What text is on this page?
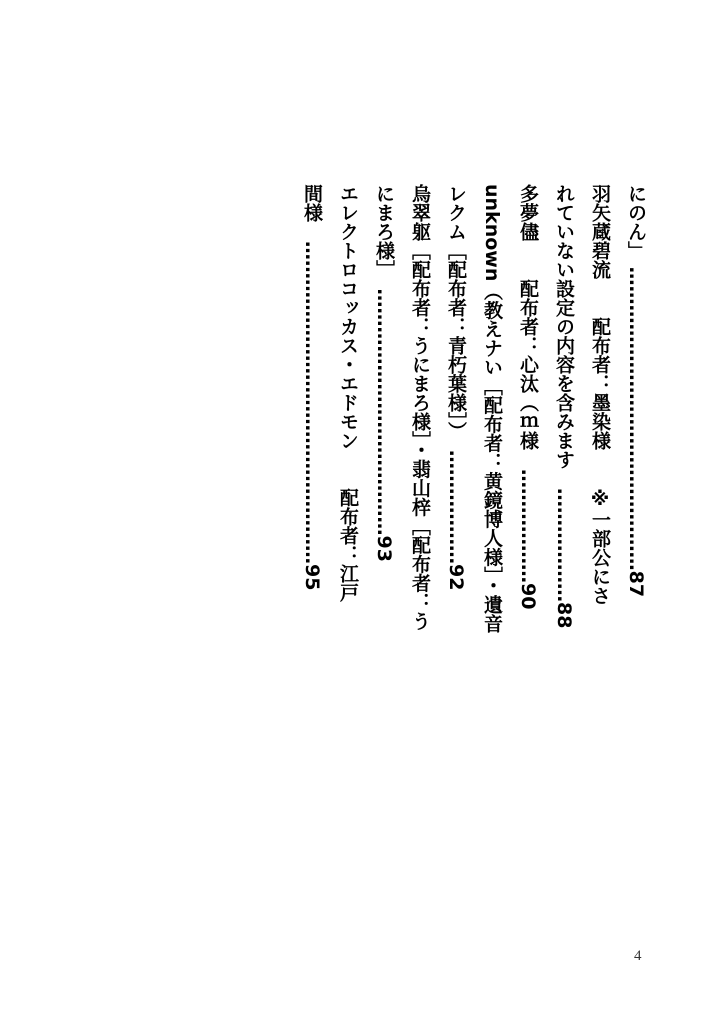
にのん」 …………………………………………87
羽矢蔵碧流　　配布者：墨染様　　※一部公にさ
れていない設定の内容を含みます　………………88
多夢儘　　配布者：心汰（ｍ様　………………90
unknown（教えナい［配布者：黄鏡博人様］・遺音
レクム［配布者：青朽葉様］）　………………92
烏翠躯［配布者：うにまろ様］・翡山梓［配布者：う
にまろ様］　…………………………………93
エレクトロコッカス・エドモン　　配布者：江戸
間様　……………………………………………95
4
